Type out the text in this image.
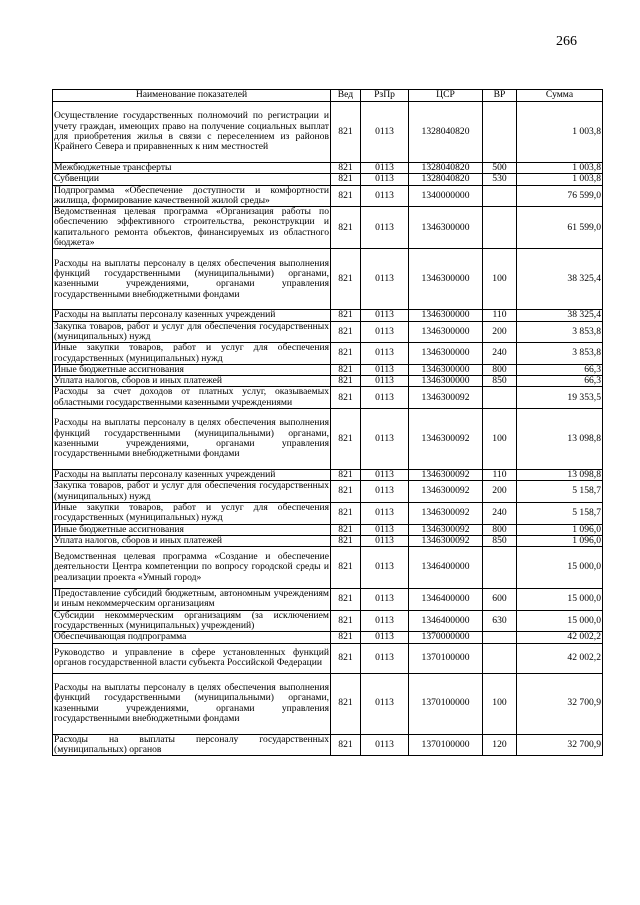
266
Наименование показателей	Вед	РзПр	ЦСР	ВР	Сумма
Осуществление государственных полномочий по регистрации и учету граждан, имеющих право на получение социальных выплат для приобретения жилья в связи с переселением из районов Крайнего Севера и приравненных к ним местностей	821	0113	1328040820		1 003,8
Межбюджетные трансферты	821	0113	1328040820	500	1 003,8
Субвенции	821	0113	1328040820	530	1 003,8
Подпрограмма «Обеспечение доступности и комфортности жилища, формирование качественной жилой среды»	821	0113	1340000000		76 599,0
Ведомственная целевая программа «Организация работы по обеспечению эффективного строительства, реконструкции и капитального ремонта объектов, финансируемых из областного бюджета»	821	0113	1346300000		61 599,0
Расходы на выплаты персоналу в целях обеспечения выполнения функций государственными (муниципальными) органами, казенными учреждениями, органами управления государственными внебюджетными фондами	821	0113	1346300000	100	38 325,4
Расходы на выплаты персоналу казенных учреждений	821	0113	1346300000	110	38 325,4
Закупка товаров, работ и услуг для обеспечения государственных (муниципальных) нужд	821	0113	1346300000	200	3 853,8
Иные закупки товаров, работ и услуг для обеспечения государственных (муниципальных) нужд	821	0113	1346300000	240	3 853,8
Иные бюджетные ассигнования	821	0113	1346300000	800	66,3
Уплата налогов, сборов и иных платежей	821	0113	1346300000	850	66,3
Расходы за счет доходов от платных услуг, оказываемых областными государственными казенными учреждениями	821	0113	1346300092		19 353,5
Расходы на выплаты персоналу в целях обеспечения выполнения функций государственными (муниципальными) органами, казенными учреждениями, органами управления государственными внебюджетными фондами	821	0113	1346300092	100	13 098,8
Расходы на выплаты персоналу казенных учреждений	821	0113	1346300092	110	13 098,8
Закупка товаров, работ и услуг для обеспечения государственных (муниципальных) нужд	821	0113	1346300092	200	5 158,7
Иные закупки товаров, работ и услуг для обеспечения государственных (муниципальных) нужд	821	0113	1346300092	240	5 158,7
Иные бюджетные ассигнования	821	0113	1346300092	800	1 096,0
Уплата налогов, сборов и иных платежей	821	0113	1346300092	850	1 096,0
Ведомственная целевая программа «Создание и обеспечение деятельности Центра компетенции по вопросу городской среды и реализации проекта «Умный город»	821	0113	1346400000		15 000,0
Предоставление субсидий бюджетным, автономным учреждениям и иным некоммерческим организациям	821	0113	1346400000	600	15 000,0
Субсидии некоммерческим организациям (за исключением государственных (муниципальных) учреждений)	821	0113	1346400000	630	15 000,0
Обеспечивающая подпрограмма	821	0113	1370000000		42 002,2
Руководство и управление в сфере установленных функций органов государственной власти субъекта Российской Федерации	821	0113	1370100000		42 002,2
Расходы на выплаты персоналу в целях обеспечения выполнения функций государственными (муниципальными) органами, казенными учреждениями, органами управления государственными внебюджетными фондами	821	0113	1370100000	100	32 700,9
Расходы на выплаты персоналу государственных (муниципальных) органов	821	0113	1370100000	120	32 700,9
